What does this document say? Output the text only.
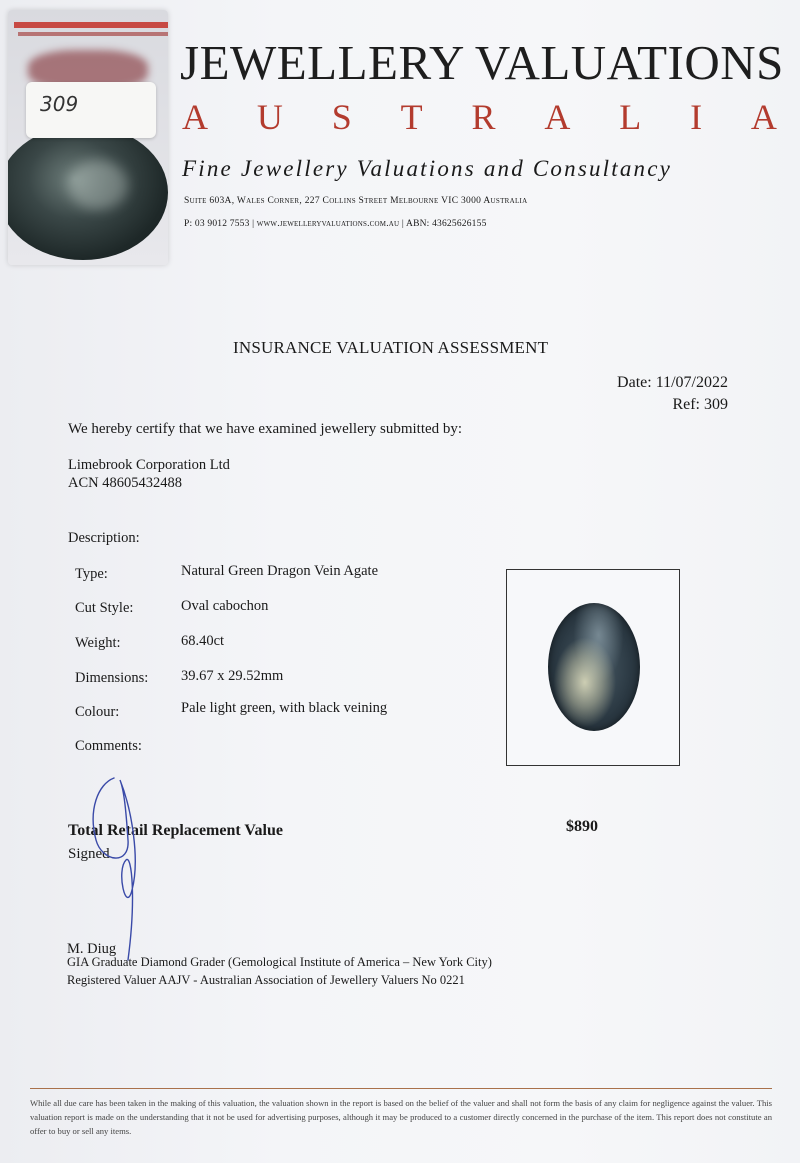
309
JEWELLERY VALUATIONS
A U S T R A L I A
Fine Jewellery Valuations and Consultancy
Suite 603A, Wales Corner, 227 Collins Street Melbourne VIC 3000 Australia
P: 03 9012 7553 | www.jewelleryvaluations.com.au | ABN: 43625626155
INSURANCE VALUATION ASSESSMENT
Date: 11/07/2022
Ref: 309
We hereby certify that we have examined jewellery submitted by:
Limebrook Corporation Ltd
ACN 48605432488
Description:
Type:	Natural Green Dragon Vein Agate
Cut Style:	Oval cabochon
Weight:	68.40ct
Dimensions: 39.67 x 29.52mm
Colour:	Pale light green, with black veining
Comments:
Total Retail Replacement Value	$890
Signed
M. Diug
GIA Graduate Diamond Grader (Gemological Institute of America – New York City)
Registered Valuer AAJV - Australian Association of Jewellery Valuers No 0221
While all due care has been taken in the making of this valuation, the valuation shown in the report is based on the belief of the valuer and shall not form the basis of any claim for negligence against the valuer. This valuation report is made on the understanding that it not be used for advertising purposes, although it may be produced to a customer directly concerned in the purchase of the item. This report does not constitute an offer to buy or sell any items.
